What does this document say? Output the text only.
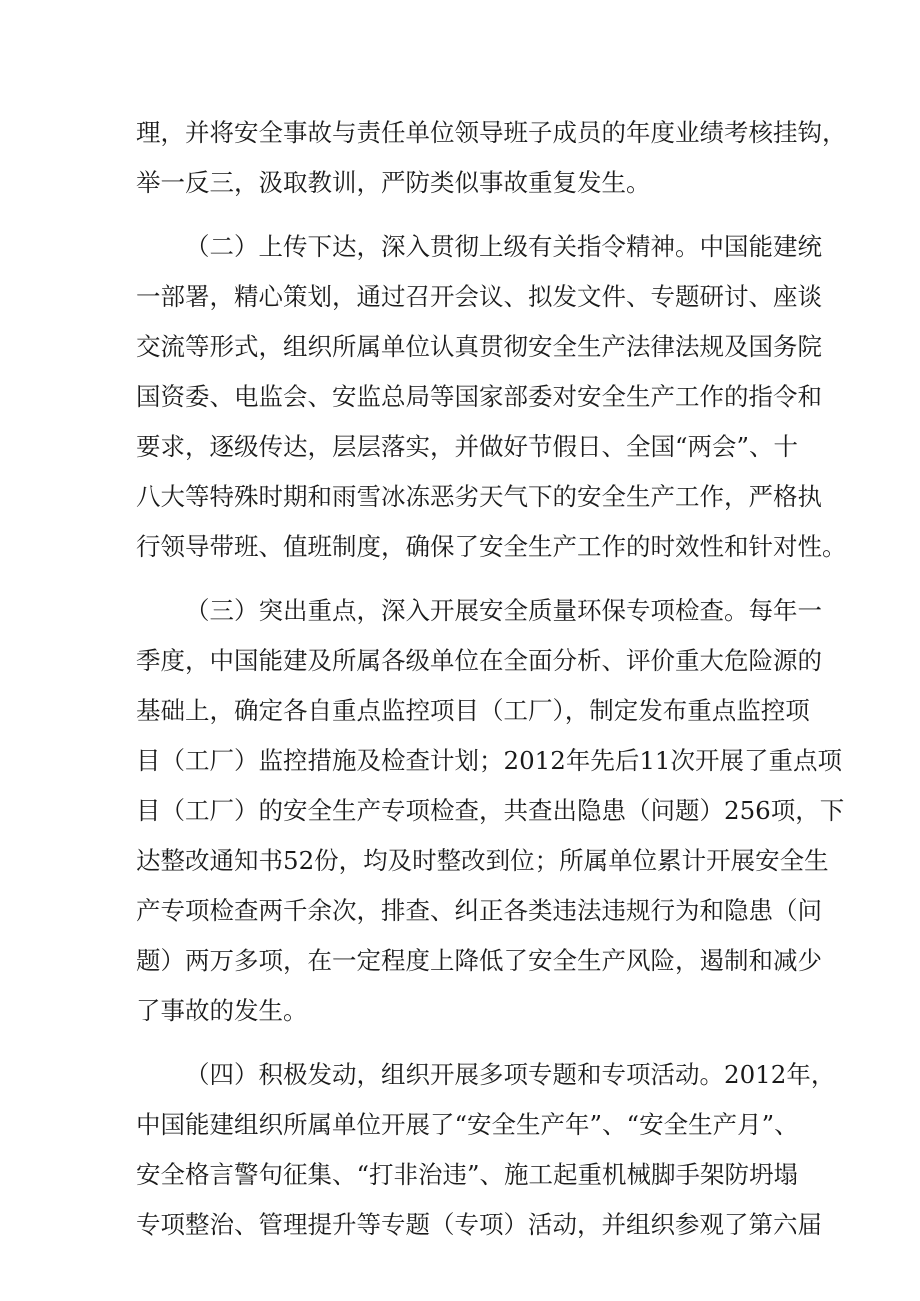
理，并将安全事故与责任单位领导班子成员的年度业绩考核挂钩，
举一反三，汲取教训，严防类似事故重复发生。
（二）上传下达，深入贯彻上级有关指令精神。中国能建统
一部署，精心策划，通过召开会议、拟发文件、专题研讨、座谈
交流等形式，组织所属单位认真贯彻安全生产法律法规及国务院
国资委、电监会、安监总局等国家部委对安全生产工作的指令和
要求，逐级传达，层层落实，并做好节假日、全国“两会”、十
八大等特殊时期和雨雪冰冻恶劣天气下的安全生产工作，严格执
行领导带班、值班制度，确保了安全生产工作的时效性和针对性。
（三）突出重点，深入开展安全质量环保专项检查。每年一
季度，中国能建及所属各级单位在全面分析、评价重大危险源的
基础上，确定各自重点监控项目（工厂），制定发布重点监控项
目（工厂）监控措施及检查计划；2012年先后11次开展了重点项
目（工厂）的安全生产专项检查，共查出隐患（问题）256项，下
达整改通知书52份，均及时整改到位；所属单位累计开展安全生
产专项检查两千余次，排查、纠正各类违法违规行为和隐患（问
题）两万多项，在一定程度上降低了安全生产风险，遏制和减少
了事故的发生。
（四）积极发动，组织开展多项专题和专项活动。2012年，
中国能建组织所属单位开展了“安全生产年”、“安全生产月”、
安全格言警句征集、“打非治违”、施工起重机械脚手架防坍塌
专项整治、管理提升等专题（专项）活动，并组织参观了第六届
